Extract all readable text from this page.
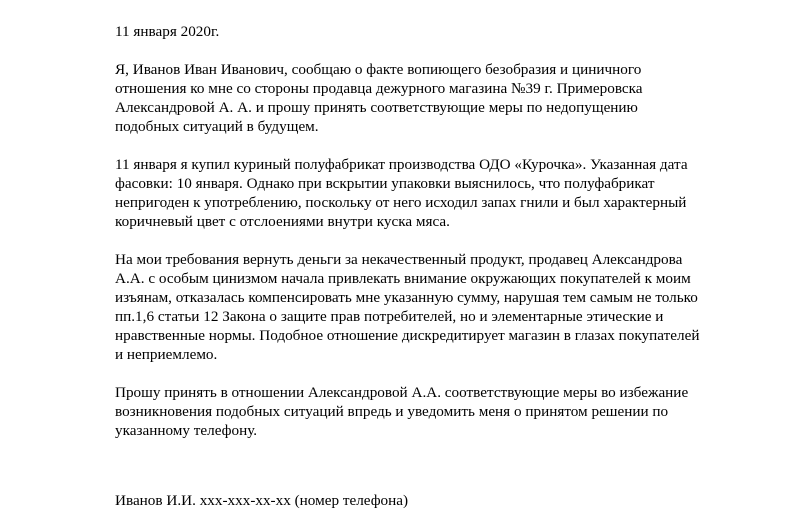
11 января 2020г.

Я, Иванов Иван Иванович, сообщаю о факте вопиющего безобразия и циничного

отношения ко мне со стороны продавца дежурного магазина №39 г. Примеровска

Александровой А. А. и прошу принять соответствующие меры по недопущению

подобных ситуаций в будущем.

11 января я купил куриный полуфабрикат производства ОДО «Курочка». Указанная дата

фасовки: 10 января. Однако при вскрытии упаковки выяснилось, что полуфабрикат

непригоден к употреблению, поскольку от него исходил запах гнили и был характерный

коричневый цвет с отслоениями внутри куска мяса.

На мои требования вернуть деньги за некачественный продукт, продавец Александрова

А.А. с особым цинизмом начала привлекать внимание окружающих покупателей к моим

изъянам, отказалась компенсировать мне указанную сумму, нарушая тем самым не только

пп.1,6 статьи 12 Закона о защите прав потребителей, но и элементарные этические и

нравственные нормы. Подобное отношение дискредитирует магазин в глазах покупателей

и неприемлемо.

Прошу принять в отношении Александровой А.А. соответствующие меры во избежание

возникновения подобных ситуаций впредь и уведомить меня о принятом решении по

указанному телефону.

Иванов И.И. ххх-ххх-хх-хх (номер телефона)
